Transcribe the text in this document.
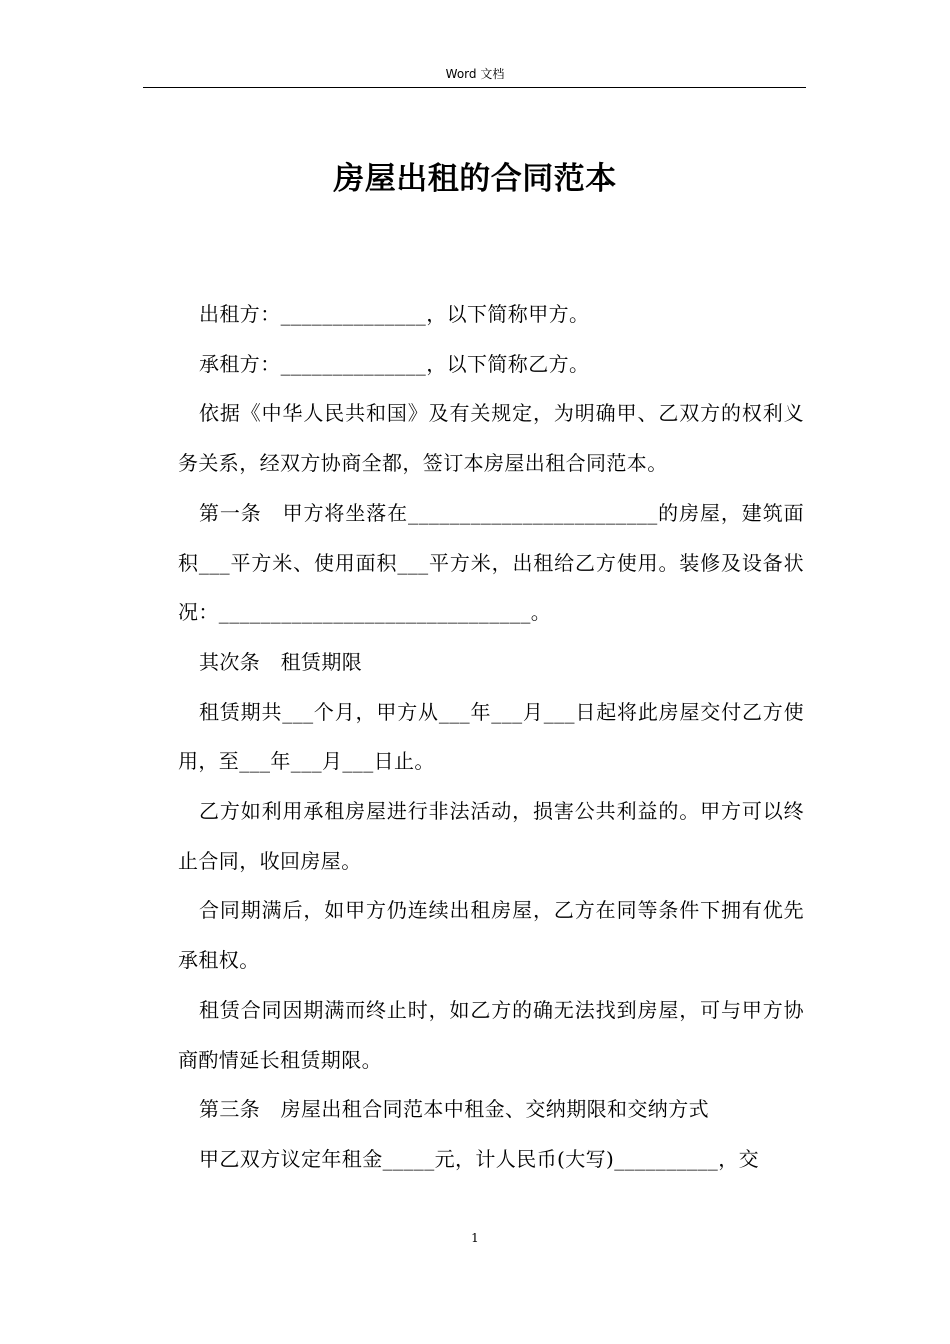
Word 文档
房屋出租的合同范本

出租方：______________，以下简称甲方。

承租方：______________，以下简称乙方。

依据《中华人民共和国》及有关规定，为明确甲、乙双方的权利义务关系，经双方协商全都，签订本房屋出租合同范本。

第一条　甲方将坐落在________________________的房屋，建筑面积___平方米、使用面积___平方米，出租给乙方使用。装修及设备状况：______________________________。

其次条　租赁期限

租赁期共___个月，甲方从___年___月___日起将此房屋交付乙方使用，至___年___月___日止。

乙方如利用承租房屋进行非法活动，损害公共利益的。甲方可以终止合同，收回房屋。

合同期满后，如甲方仍连续出租房屋，乙方在同等条件下拥有优先承租权。

租赁合同因期满而终止时，如乙方的确无法找到房屋，可与甲方协商酌情延长租赁期限。

第三条　房屋出租合同范本中租金、交纳期限和交纳方式

甲乙双方议定年租金_____元，计人民币(大写)__________，交

1
